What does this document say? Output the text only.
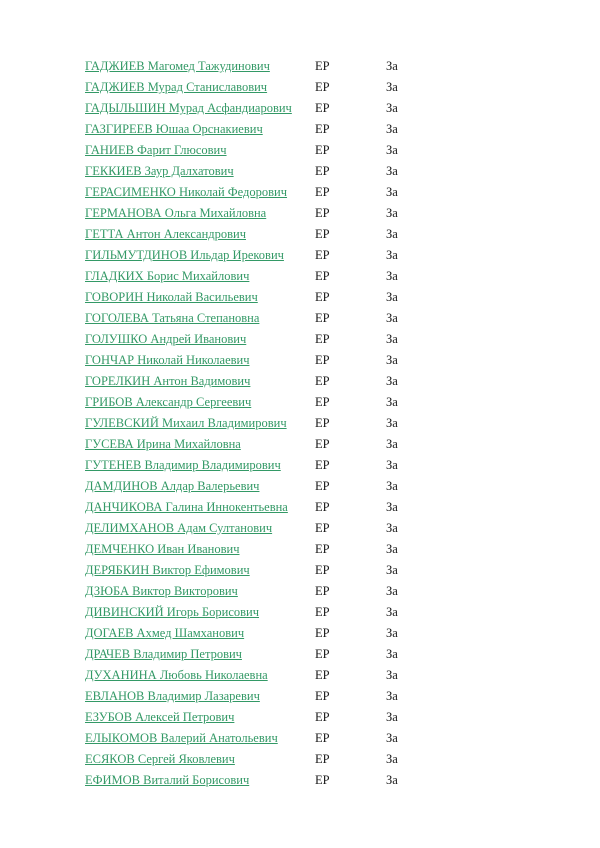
ГАДЖИЕВ Магомед Тажудинович	ЕР	За
ГАДЖИЕВ Мурад Станиславович	ЕР	За
ГАДЫЛЬШИН Мурад Асфандиарович	ЕР	За
ГАЗГИРЕЕВ Юшаа Орснакиевич	ЕР	За
ГАНИЕВ Фарит Глюсович	ЕР	За
ГЕККИЕВ Заур Далхатович	ЕР	За
ГЕРАСИМЕНКО Николай Федорович	ЕР	За
ГЕРМАНОВА Ольга Михайловна	ЕР	За
ГЕТТА Антон Александрович	ЕР	За
ГИЛЬМУТДИНОВ Ильдар Ирекович	ЕР	За
ГЛАДКИХ Борис Михайлович	ЕР	За
ГОВОРИН Николай Васильевич	ЕР	За
ГОГОЛЕВА Татьяна Степановна	ЕР	За
ГОЛУШКО Андрей Иванович	ЕР	За
ГОНЧАР Николай Николаевич	ЕР	За
ГОРЕЛКИН Антон Вадимович	ЕР	За
ГРИБОВ Александр Сергеевич	ЕР	За
ГУЛЕВСКИЙ Михаил Владимирович	ЕР	За
ГУСЕВА Ирина Михайловна	ЕР	За
ГУТЕНЕВ Владимир Владимирович	ЕР	За
ДАМДИНОВ Алдар Валерьевич	ЕР	За
ДАНЧИКОВА Галина Иннокентьевна	ЕР	За
ДЕЛИМХАНОВ Адам Султанович	ЕР	За
ДЕМЧЕНКО Иван Иванович	ЕР	За
ДЕРЯБКИН Виктор Ефимович	ЕР	За
ДЗЮБА Виктор Викторович	ЕР	За
ДИВИНСКИЙ Игорь Борисович	ЕР	За
ДОГАЕВ Ахмед Шамханович	ЕР	За
ДРАЧЕВ Владимир Петрович	ЕР	За
ДУХАНИНА Любовь Николаевна	ЕР	За
ЕВЛАНОВ Владимир Лазаревич	ЕР	За
ЕЗУБОВ Алексей Петрович	ЕР	За
ЕЛЫКОМОВ Валерий Анатольевич	ЕР	За
ЕСЯКОВ Сергей Яковлевич	ЕР	За
ЕФИМОВ Виталий Борисович	ЕР	За
